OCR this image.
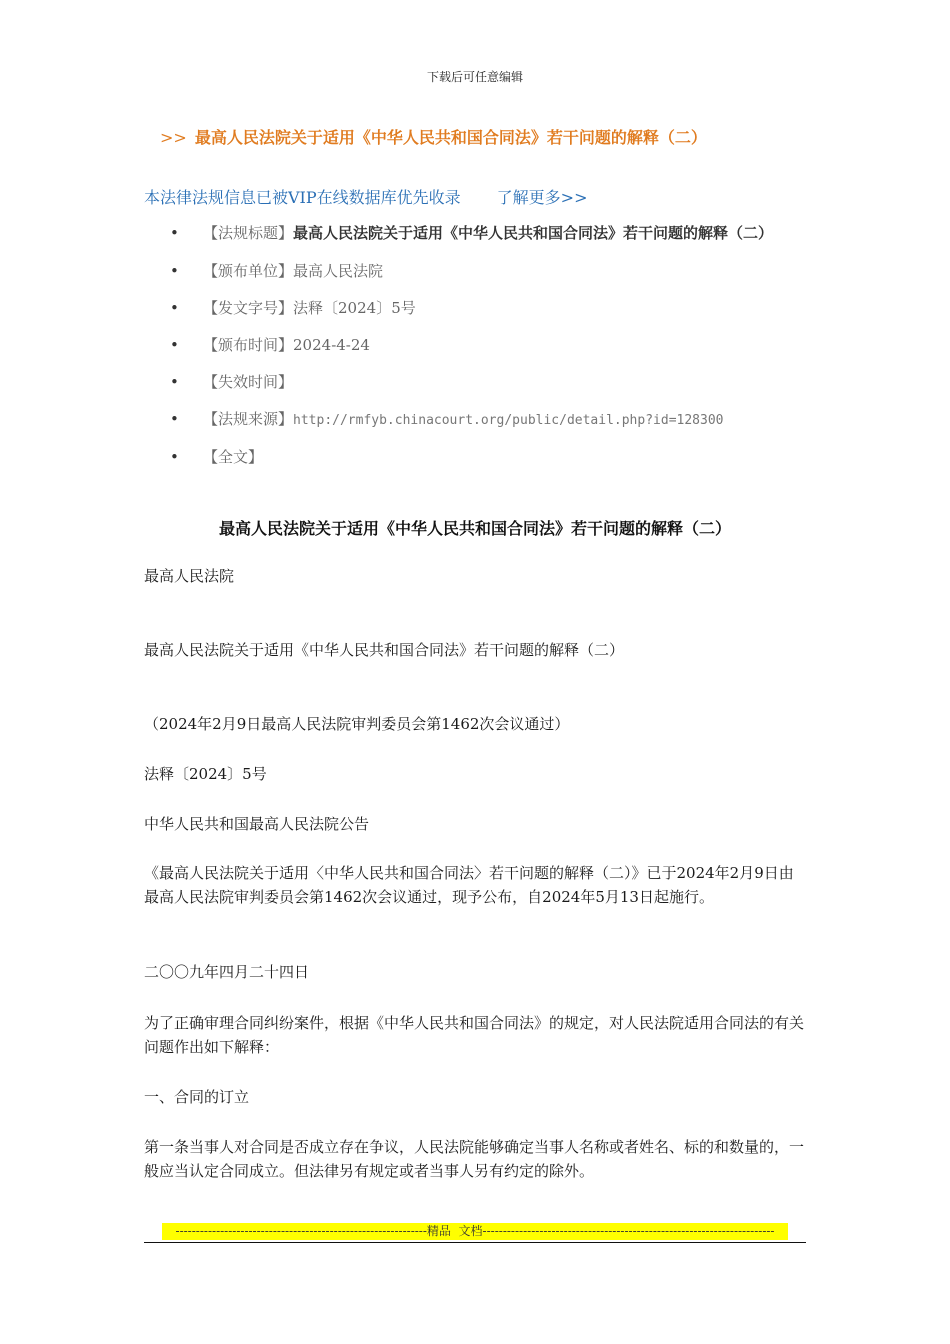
下载后可任意编辑
>> 最高人民法院关于适用《中华人民共和国合同法》若干问题的解释（二）
本法律法规信息已被VIP在线数据库优先收录 了解更多>>
• 【法规标题】最高人民法院关于适用《中华人民共和国合同法》若干问题的解释（二）
• 【颁布单位】最高人民法院
• 【发文字号】法释〔2024〕5号
• 【颁布时间】2024-4-24
• 【失效时间】
• 【法规来源】http://rmfyb.chinacourt.org/public/detail.php?id=128300
• 【全文】
最高人民法院关于适用《中华人民共和国合同法》若干问题的解释（二）
最高人民法院
最高人民法院关于适用《中华人民共和国合同法》若干问题的解释（二）
（2024年2月9日最高人民法院审判委员会第1462次会议通过）
法释〔2024〕5号
中华人民共和国最高人民法院公告
《最高人民法院关于适用〈中华人民共和国合同法〉若干问题的解释（二）》已于2024年2月9日由最高人民法院审判委员会第1462次会议通过，现予公布，自2024年5月13日起施行。
二〇〇九年四月二十四日
为了正确审理合同纠纷案件，根据《中华人民共和国合同法》的规定，对人民法院适用合同法的有关问题作出如下解释：
一、合同的订立
第一条当事人对合同是否成立存在争议，人民法院能够确定当事人名称或者姓名、标的和数量的，一般应当认定合同成立。但法律另有规定或者当事人另有约定的除外。
--------------------------------------------------------------精品  文档------------------------------------------------------------------------
